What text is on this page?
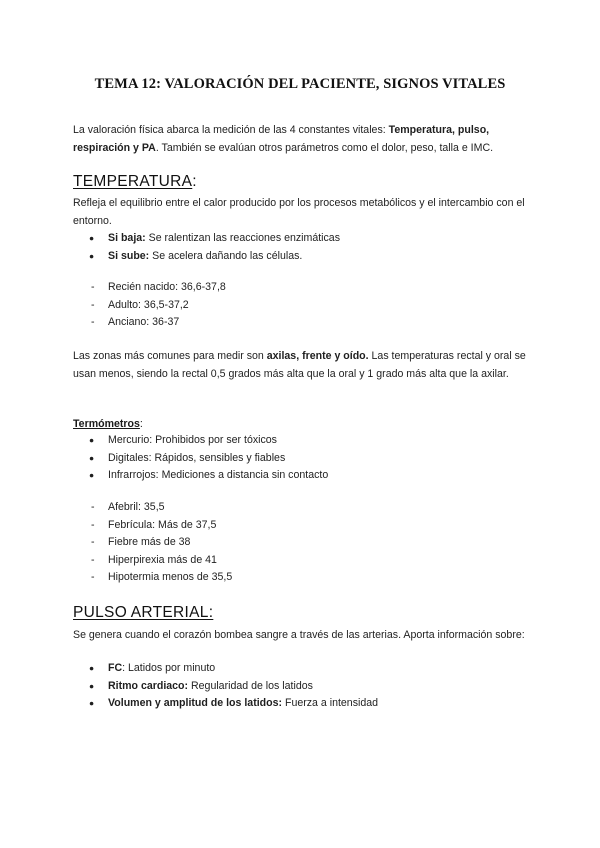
TEMA 12: VALORACIÓN DEL PACIENTE, SIGNOS VITALES
La valoración física abarca la medición de las 4 constantes vitales: Temperatura, pulso, respiración y PA. También se evalúan otros parámetros como el dolor, peso, talla e IMC.
TEMPERATURA:
Refleja el equilibrio entre el calor producido por los procesos metabólicos y el intercambio con el entorno.
● Si baja: Se ralentizan las reacciones enzimáticas
● Si sube: Se acelera dañando las células.
- Recién nacido: 36,6-37,8
- Adulto: 36,5-37,2
- Anciano: 36-37
Las zonas más comunes para medir son axilas, frente y oído. Las temperaturas rectal y oral se usan menos, siendo la rectal 0,5 grados más alta que la oral y 1 grado más alta que la axilar.
Termómetros:
● Mercurio: Prohibidos por ser tóxicos
● Digitales: Rápidos, sensibles y fiables
● Infrarrojos: Mediciones a distancia sin contacto
- Afebril: 35,5
- Febrícula: Más de 37,5
- Fiebre más de 38
- Hiperpirexia más de 41
- Hipotermia menos de 35,5
PULSO ARTERIAL:
Se genera cuando el corazón bombea sangre a través de las arterias. Aporta información sobre:
● FC: Latidos por minuto
● Ritmo cardiaco: Regularidad de los latidos
● Volumen y amplitud de los latidos: Fuerza a intensidad
